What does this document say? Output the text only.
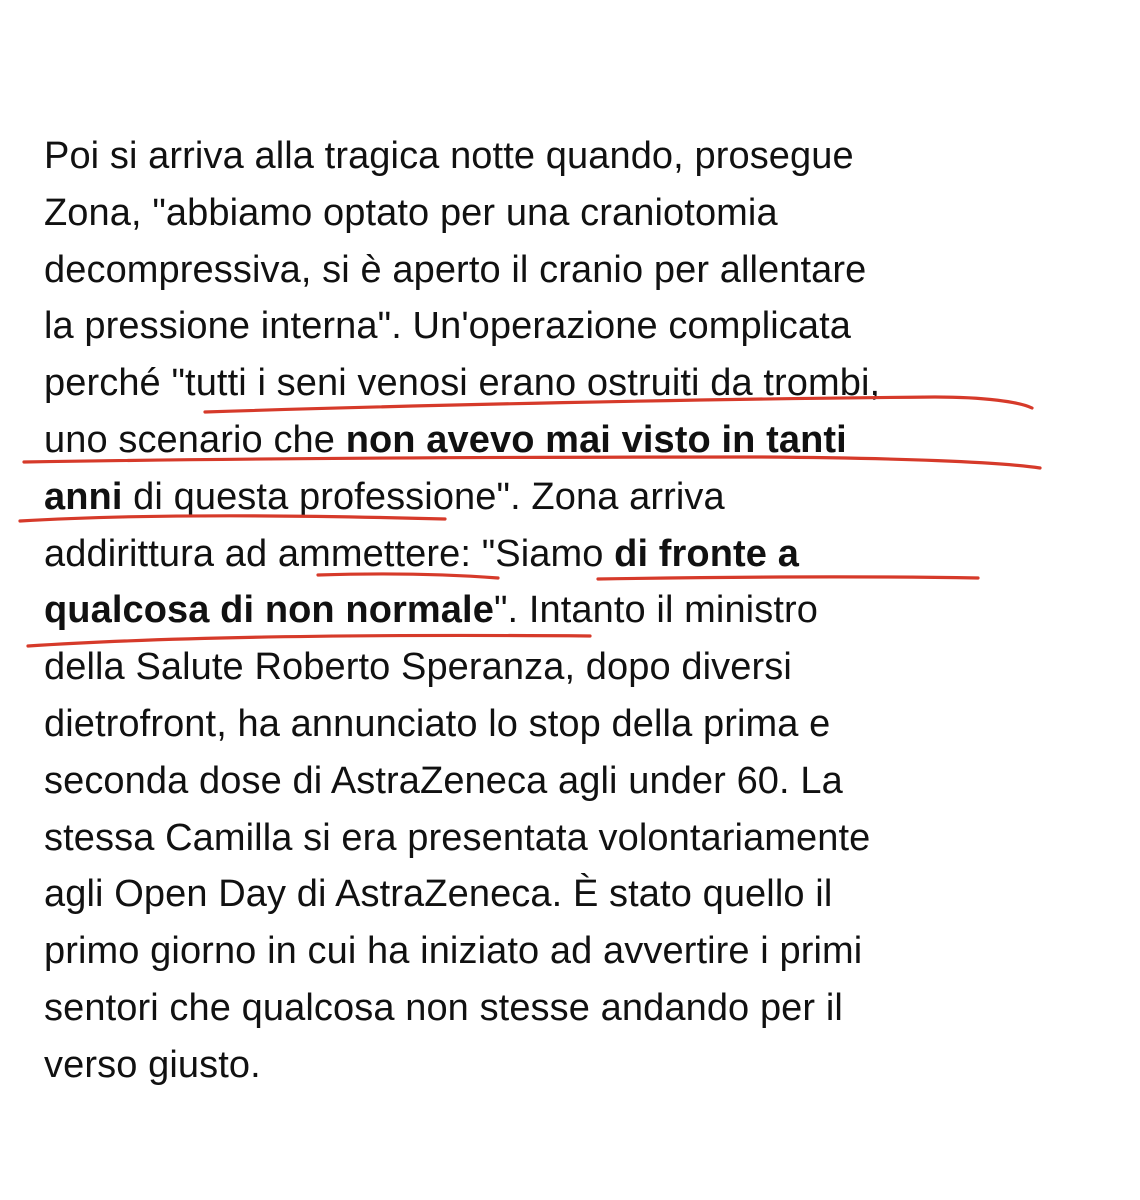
Poi si arriva alla tragica notte quando, prosegue
Zona, "abbiamo optato per una craniotomia
decompressiva, si è aperto il cranio per allentare
la pressione interna". Un'operazione complicata
perché "tutti i seni venosi erano ostruiti da trombi,
uno scenario che non avevo mai visto in tanti
anni di questa professione". Zona arriva
addirittura ad ammettere: "Siamo di fronte a
qualcosa di non normale". Intanto il ministro
della Salute Roberto Speranza, dopo diversi
dietrofront, ha annunciato lo stop della prima e
seconda dose di AstraZeneca agli under 60. La
stessa Camilla si era presentata volontariamente
agli Open Day di AstraZeneca. È stato quello il
primo giorno in cui ha iniziato ad avvertire i primi
sentori che qualcosa non stesse andando per il
verso giusto.
